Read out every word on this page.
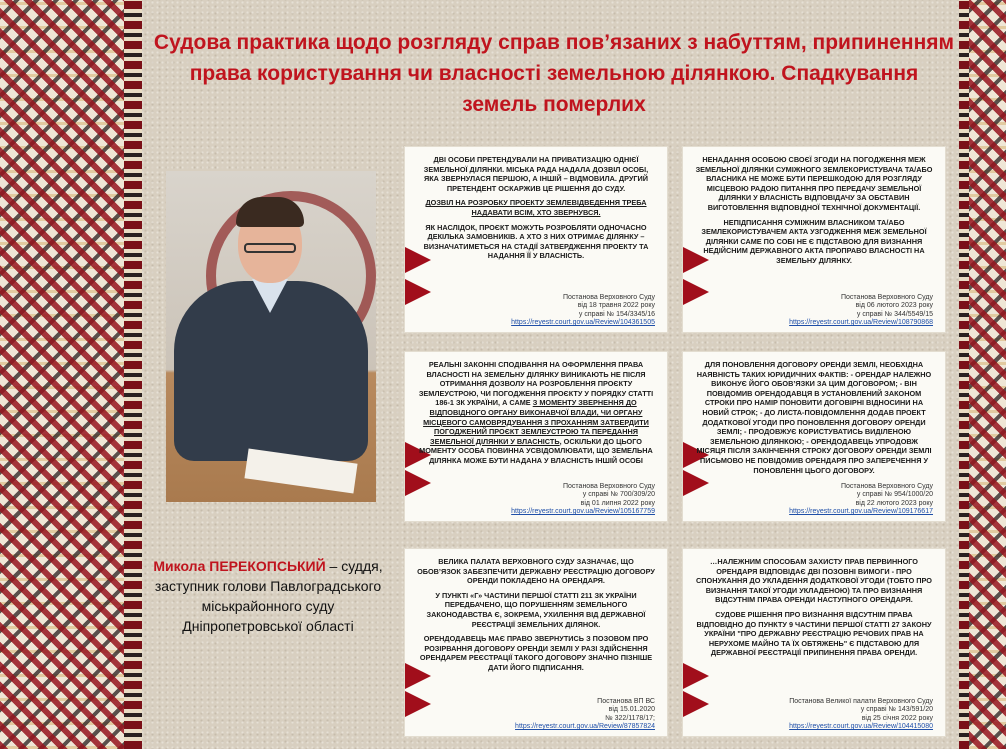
Судова практика щодо розгляду справ пов’язаних з набуттям, припиненням права користування чи власності земельною ділянкою. Спадкування земель померлих

Микола ПЕРЕКОПСЬКИЙ – суддя, заступник голови Павлоградського міськрайонного суду Дніпропетровської області

ДВІ ОСОБИ ПРЕТЕНДУВАЛИ НА ПРИВАТИЗАЦІЮ ОДНІЄЇ ЗЕМЕЛЬНОЇ ДІЛЯНКИ. МІСЬКА РАДА НАДАЛА ДОЗВІЛ ОСОБІ, ЯКА ЗВЕРНУЛАСЯ ПЕРШОЮ, А ІНШІЙ – ВІДМОВИЛА. ДРУГИЙ ПРЕТЕНДЕНТ ОСКАРЖИВ ЦЕ РІШЕННЯ ДО СУДУ.

ДОЗВІЛ НА РОЗРОБКУ ПРОЕКТУ ЗЕМЛЕВІДВЕДЕННЯ ТРЕБА НАДАВАТИ ВСІМ, ХТО ЗВЕРНУВСЯ.

ЯК НАСЛІДОК, ПРОЄКТ МОЖУТЬ РОЗРОБЛЯТИ ОДНОЧАСНО ДЕКІЛЬКА ЗАМОВНИКІВ. А ХТО З НИХ ОТРИМАЄ ДІЛЯНКУ – ВИЗНАЧАТИМЕТЬСЯ НА СТАДІЇ ЗАТВЕРДЖЕННЯ ПРОЕКТУ ТА НАДАННЯ ЇЇ У ВЛАСНІСТЬ.

Постанова Верховного Суду
від 18 травня 2022 року
у справі № 154/3345/16
https://reyestr.court.gov.ua/Review/104361505

НЕНАДАННЯ ОСОБОЮ СВОЄЇ ЗГОДИ НА ПОГОДЖЕННЯ МЕЖ ЗЕМЕЛЬНОЇ ДІЛЯНКИ СУМІЖНОГО ЗЕМЛЕКОРИСТУВАЧА ТА/АБО ВЛАСНИКА НЕ МОЖЕ БУТИ ПЕРЕШКОДОЮ ДЛЯ РОЗГЛЯДУ МІСЦЕВОЮ РАДОЮ ПИТАННЯ ПРО ПЕРЕДАЧУ ЗЕМЕЛЬНОЇ ДІЛЯНКИ У ВЛАСНІСТЬ ВІДПОВІДАЧУ ЗА ОБСТАВИН ВИГОТОВЛЕННЯ ВІДПОВІДНОЇ ТЕХНІЧНОЇ ДОКУМЕНТАЦІЇ.

НЕПІДПИСАННЯ СУМІЖНИМ ВЛАСНИКОМ ТА/АБО ЗЕМЛЕКОРИСТУВАЧЕМ АКТА УЗГОДЖЕННЯ МЕЖ ЗЕМЕЛЬНОЇ ДІЛЯНКИ САМЕ ПО СОБІ НЕ Є ПІДСТАВОЮ ДЛЯ ВИЗНАННЯ НЕДІЙСНИМ ДЕРЖАВНОГО АКТА ПРОПРАВО ВЛАСНОСТІ НА ЗЕМЕЛЬНУ ДІЛЯНКУ.

Постанова Верховного Суду
від 06 лютого 2023 року
у справі № 344/5549/15
https://reyestr.court.gov.ua/Review/108790868

РЕАЛЬНІ ЗАКОННІ СПОДІВАННЯ НА ОФОРМЛЕННЯ ПРАВА ВЛАСНОСТІ НА ЗЕМЕЛЬНУ ДІЛЯНКУ ВИНИКАЮТЬ НЕ ПІСЛЯ ОТРИМАННЯ ДОЗВОЛУ НА РОЗРОБЛЕННЯ ПРОЄКТУ ЗЕМЛЕУСТРОЮ, ЧИ ПОГОДЖЕННЯ ПРОЄКТУ У ПОРЯДКУ СТАТТІ 186-1 ЗК УКРАЇНИ, А САМЕ З МОМЕНТУ ЗВЕРНЕННЯ ДО ВІДПОВІДНОГО ОРГАНУ ВИКОНАВЧОЇ ВЛАДИ, ЧИ ОРГАНУ МІСЦЕВОГО САМОВРЯДУВАННЯ З ПРОХАННЯМ ЗАТВЕРДИТИ ПОГОДЖЕНИЙ ПРОЄКТ ЗЕМЛЕУСТРОЮ ТА ПЕРЕДАННЯ ЗЕМЕЛЬНОЇ ДІЛЯНКИ У ВЛАСНІСТЬ, ОСКІЛЬКИ ДО ЦЬОГО МОМЕНТУ ОСОБА ПОВИННА УСВІДОМЛЮВАТИ, ЩО ЗЕМЕЛЬНА ДІЛЯНКА МОЖЕ БУТИ НАДАНА У ВЛАСНІСТЬ ІНШІЙ ОСОБІ

Постанова Верховного Суду
у справі № 700/309/20
від 01 липня 2022 року
https://reyestr.court.gov.ua/Review/105167759

ДЛЯ ПОНОВЛЕННЯ ДОГОВОРУ ОРЕНДИ ЗЕМЛІ, НЕОБХІДНА НАЯВНІСТЬ ТАКИХ ЮРИДИЧНИХ ФАКТІВ: - ОРЕНДАР НАЛЕЖНО ВИКОНУЄ ЙОГО ОБОВ’ЯЗКИ ЗА ЦИМ ДОГОВОРОМ; - ВІН ПОВІДОМИВ ОРЕНДОДАВЦЯ В УСТАНОВЛЕНИЙ ЗАКОНОМ СТРОКИ ПРО НАМІР ПОНОВИТИ ДОГОВІРНІ ВІДНОСИНИ НА НОВИЙ СТРОК; - ДО ЛИСТА-ПОВІДОМЛЕННЯ ДОДАВ ПРОЕКТ ДОДАТКОВОЇ УГОДИ ПРО ПОНОВЛЕННЯ ДОГОВОРУ ОРЕНДИ ЗЕМЛІ; - ПРОДОВЖУЄ КОРИСТУВАТИСЬ ВИДІЛЕНОЮ ЗЕМЕЛЬНОЮ ДІЛЯНКОЮ; - ОРЕНДОДАВЕЦЬ УПРОДОВЖ МІСЯЦЯ ПІСЛЯ ЗАКІНЧЕННЯ СТРОКУ ДОГОВОРУ ОРЕНДИ ЗЕМЛІ ПИСЬМОВО НЕ ПОВІДОМИВ ОРЕНДАРЯ ПРО ЗАПЕРЕЧЕННЯ У ПОНОВЛЕННІ ЦЬОГО ДОГОВОРУ.

Постанова Верховного Суду
у справі № 954/1000/20
від 22 лютого 2023 року
https://reyestr.court.gov.ua/Review/109176617

ВЕЛИКА ПАЛАТА ВЕРХОВНОГО СУДУ ЗАЗНАЧАЄ, ЩО ОБОВ’ЯЗОК ЗАБЕЗПЕЧИТИ ДЕРЖАВНУ РЕЄСТРАЦІЮ ДОГОВОРУ ОРЕНДИ ПОКЛАДЕНО НА ОРЕНДАРЯ.

У ПУНКТІ «Г» ЧАСТИНИ ПЕРШОЇ СТАТТІ 211 ЗК УКРАЇНИ ПЕРЕДБАЧЕНО, ЩО ПОРУШЕННЯМ ЗЕМЕЛЬНОГО ЗАКОНОДАВСТВА Є, ЗОКРЕМА, УХИЛЕННЯ ВІД ДЕРЖАВНОЇ РЕЄСТРАЦІЇ ЗЕМЕЛЬНИХ ДІЛЯНОК.

ОРЕНДОДАВЕЦЬ МАЄ ПРАВО ЗВЕРНУТИСЬ З ПОЗОВОМ ПРО РОЗІРВАННЯ ДОГОВОРУ ОРЕНДИ ЗЕМЛІ У РАЗІ ЗДІЙСНЕННЯ ОРЕНДАРЕМ РЕЄСТРАЦІЇ ТАКОГО ДОГОВОРУ ЗНАЧНО ПІЗНІШЕ ДАТИ ЙОГО ПІДПИСАННЯ.

Постанова ВП ВС
від 15.01.2020
№ 322/1178/17;
https://reyestr.court.gov.ua/Review/87857824

…НАЛЕЖНИМ СПОСОБАМ ЗАХИСТУ ПРАВ ПЕРВИННОГО ОРЕНДАРЯ ВІДПОВІДАЄ ДВІ ПОЗОВНІ ВИМОГИ - ПРО СПОНУКАННЯ ДО УКЛАДЕННЯ ДОДАТКОВОЇ УГОДИ (ТОБТО ПРО ВИЗНАННЯ ТАКОЇ УГОДИ УКЛАДЕНОЮ) ТА ПРО ВИЗНАННЯ ВІДСУТНІМ ПРАВА ОРЕНДИ НАСТУПНОГО ОРЕНДАРЯ.

СУДОВЕ РІШЕННЯ ПРО ВИЗНАННЯ ВІДСУТНІМ ПРАВА ВІДПОВІДНО ДО ПУНКТУ 9 ЧАСТИНИ ПЕРШОЇ СТАТТІ 27 ЗАКОНУ УКРАЇНИ "ПРО ДЕРЖАВНУ РЕЄСТРАЦІЮ РЕЧОВИХ ПРАВ НА НЕРУХОМЕ МАЙНО ТА ЇХ ОБТЯЖЕНЬ" Є ПІДСТАВОЮ ДЛЯ ДЕРЖАВНОЇ РЕЄСТРАЦІЇ ПРИПИНЕННЯ ПРАВА ОРЕНДИ.

Постанова Великої палати Верховного Суду
у справі № 143/591/20
від 25 січня 2022 року
https://reyestr.court.gov.ua/Review/104415080
